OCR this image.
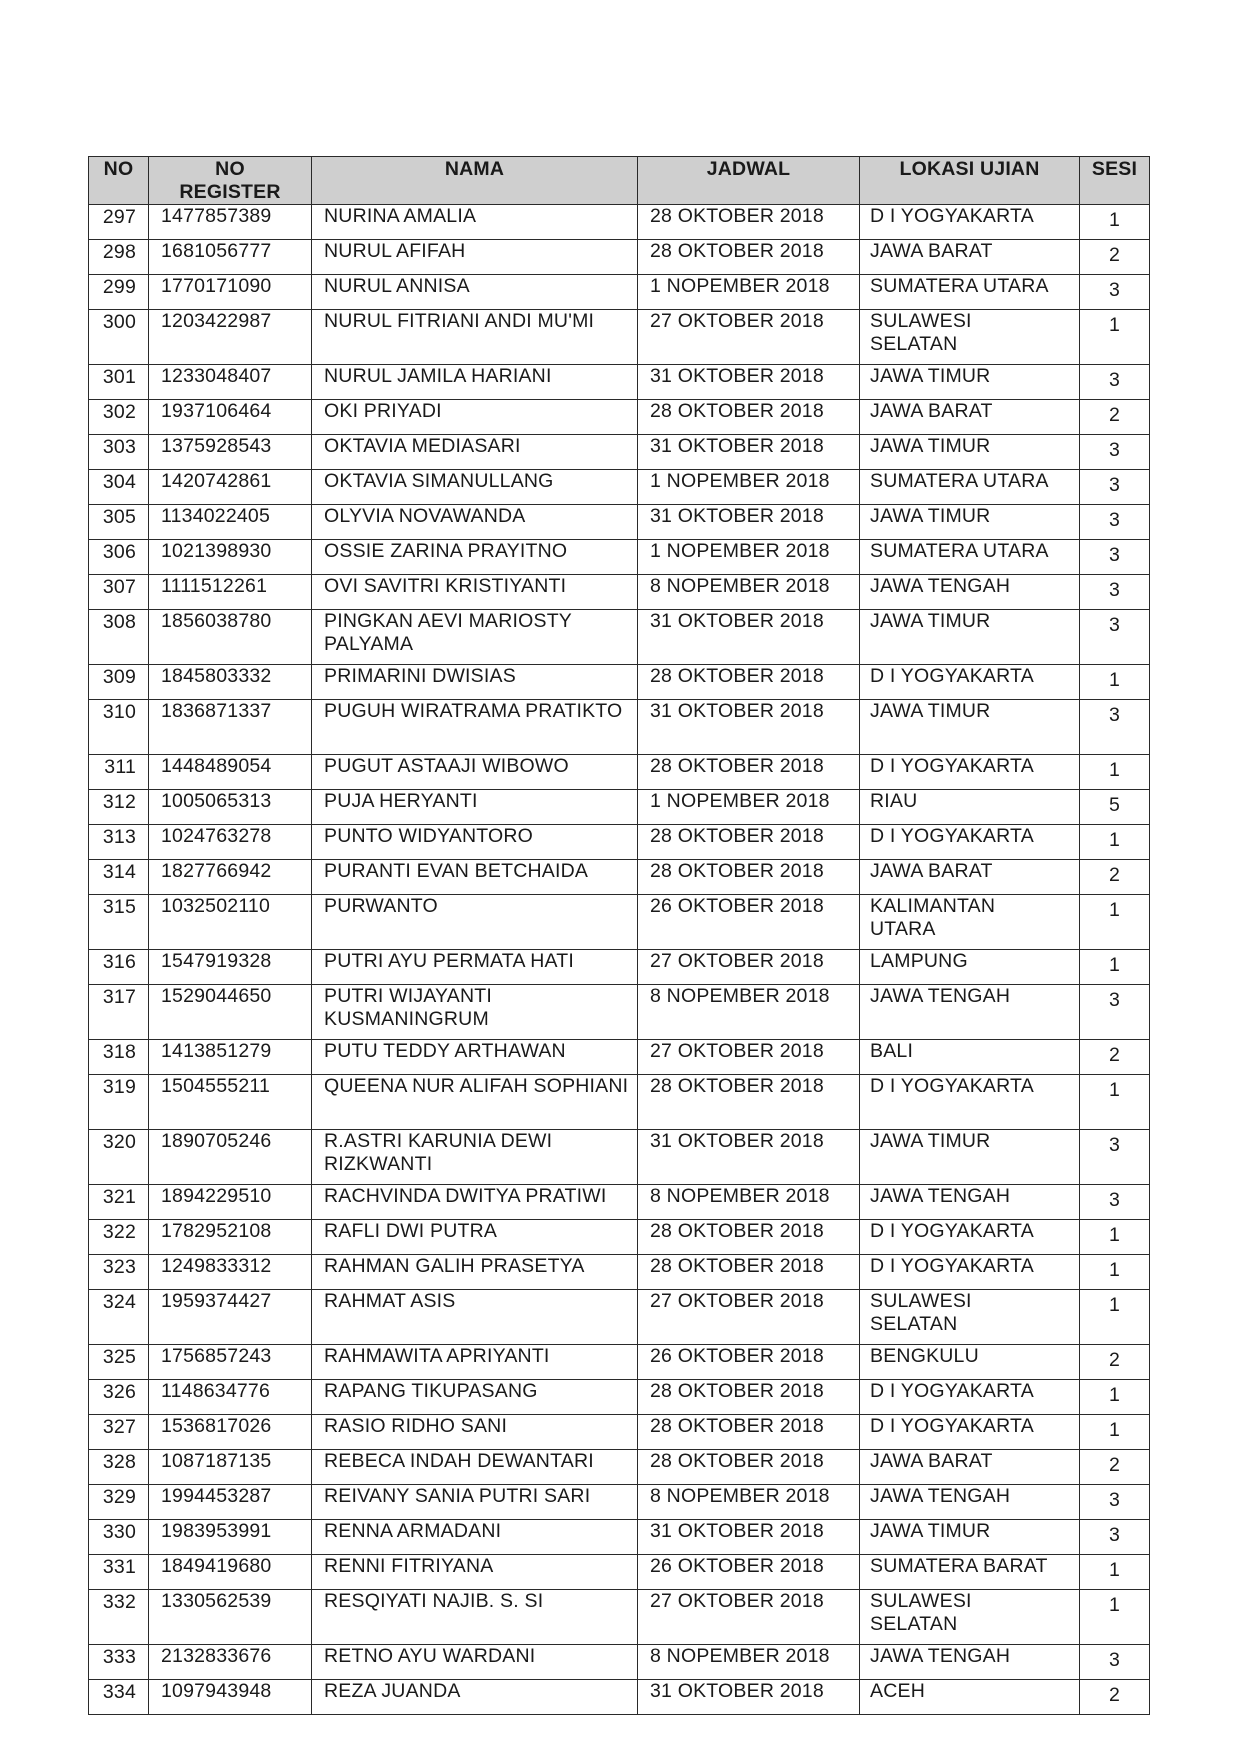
NO	NO
REGISTER	NAMA	JADWAL	LOKASI UJIAN	SESI
297	1477857389	NURINA AMALIA	28 OKTOBER 2018	D I YOGYAKARTA	1
298	1681056777	NURUL AFIFAH	28 OKTOBER 2018	JAWA BARAT	2
299	1770171090	NURUL ANNISA	1 NOPEMBER 2018	SUMATERA UTARA	3
300	1203422987	NURUL FITRIANI ANDI MU'MI	27 OKTOBER 2018	SULAWESI
SELATAN	1
301	1233048407	NURUL JAMILA HARIANI	31 OKTOBER 2018	JAWA TIMUR	3
302	1937106464	OKI PRIYADI	28 OKTOBER 2018	JAWA BARAT	2
303	1375928543	OKTAVIA MEDIASARI	31 OKTOBER 2018	JAWA TIMUR	3
304	1420742861	OKTAVIA SIMANULLANG	1 NOPEMBER 2018	SUMATERA UTARA	3
305	1134022405	OLYVIA NOVAWANDA	31 OKTOBER 2018	JAWA TIMUR	3
306	1021398930	OSSIE ZARINA PRAYITNO	1 NOPEMBER 2018	SUMATERA UTARA	3
307	1111512261	OVI SAVITRI KRISTIYANTI	8 NOPEMBER 2018	JAWA TENGAH	3
308	1856038780	PINGKAN AEVI MARIOSTY PALYAMA	31 OKTOBER 2018	JAWA TIMUR	3
309	1845803332	PRIMARINI DWISIAS	28 OKTOBER 2018	D I YOGYAKARTA	1
310	1836871337	PUGUH WIRATRAMA PRATIKTO	31 OKTOBER 2018	JAWA TIMUR	3
311	1448489054	PUGUT ASTAAJI WIBOWO	28 OKTOBER 2018	D I YOGYAKARTA	1
312	1005065313	PUJA HERYANTI	1 NOPEMBER 2018	RIAU	5
313	1024763278	PUNTO WIDYANTORO	28 OKTOBER 2018	D I YOGYAKARTA	1
314	1827766942	PURANTI EVAN BETCHAIDA	28 OKTOBER 2018	JAWA BARAT	2
315	1032502110	PURWANTO	26 OKTOBER 2018	KALIMANTAN
UTARA	1
316	1547919328	PUTRI AYU PERMATA HATI	27 OKTOBER 2018	LAMPUNG	1
317	1529044650	PUTRI WIJAYANTI KUSMANINGRUM	8 NOPEMBER 2018	JAWA TENGAH	3
318	1413851279	PUTU TEDDY ARTHAWAN	27 OKTOBER 2018	BALI	2
319	1504555211	QUEENA NUR ALIFAH SOPHIANI	28 OKTOBER 2018	D I YOGYAKARTA	1
320	1890705246	R.ASTRI KARUNIA DEWI RIZKWANTI	31 OKTOBER 2018	JAWA TIMUR	3
321	1894229510	RACHVINDA DWITYA PRATIWI	8 NOPEMBER 2018	JAWA TENGAH	3
322	1782952108	RAFLI DWI PUTRA	28 OKTOBER 2018	D I YOGYAKARTA	1
323	1249833312	RAHMAN GALIH PRASETYA	28 OKTOBER 2018	D I YOGYAKARTA	1
324	1959374427	RAHMAT ASIS	27 OKTOBER 2018	SULAWESI
SELATAN	1
325	1756857243	RAHMAWITA APRIYANTI	26 OKTOBER 2018	BENGKULU	2
326	1148634776	RAPANG TIKUPASANG	28 OKTOBER 2018	D I YOGYAKARTA	1
327	1536817026	RASIO RIDHO SANI	28 OKTOBER 2018	D I YOGYAKARTA	1
328	1087187135	REBECA INDAH DEWANTARI	28 OKTOBER 2018	JAWA BARAT	2
329	1994453287	REIVANY SANIA PUTRI SARI	8 NOPEMBER 2018	JAWA TENGAH	3
330	1983953991	RENNA ARMADANI	31 OKTOBER 2018	JAWA TIMUR	3
331	1849419680	RENNI FITRIYANA	26 OKTOBER 2018	SUMATERA BARAT	1
332	1330562539	RESQIYATI NAJIB. S. SI	27 OKTOBER 2018	SULAWESI
SELATAN	1
333	2132833676	RETNO AYU WARDANI	8 NOPEMBER 2018	JAWA TENGAH	3
334	1097943948	REZA JUANDA	31 OKTOBER 2018	ACEH	2
